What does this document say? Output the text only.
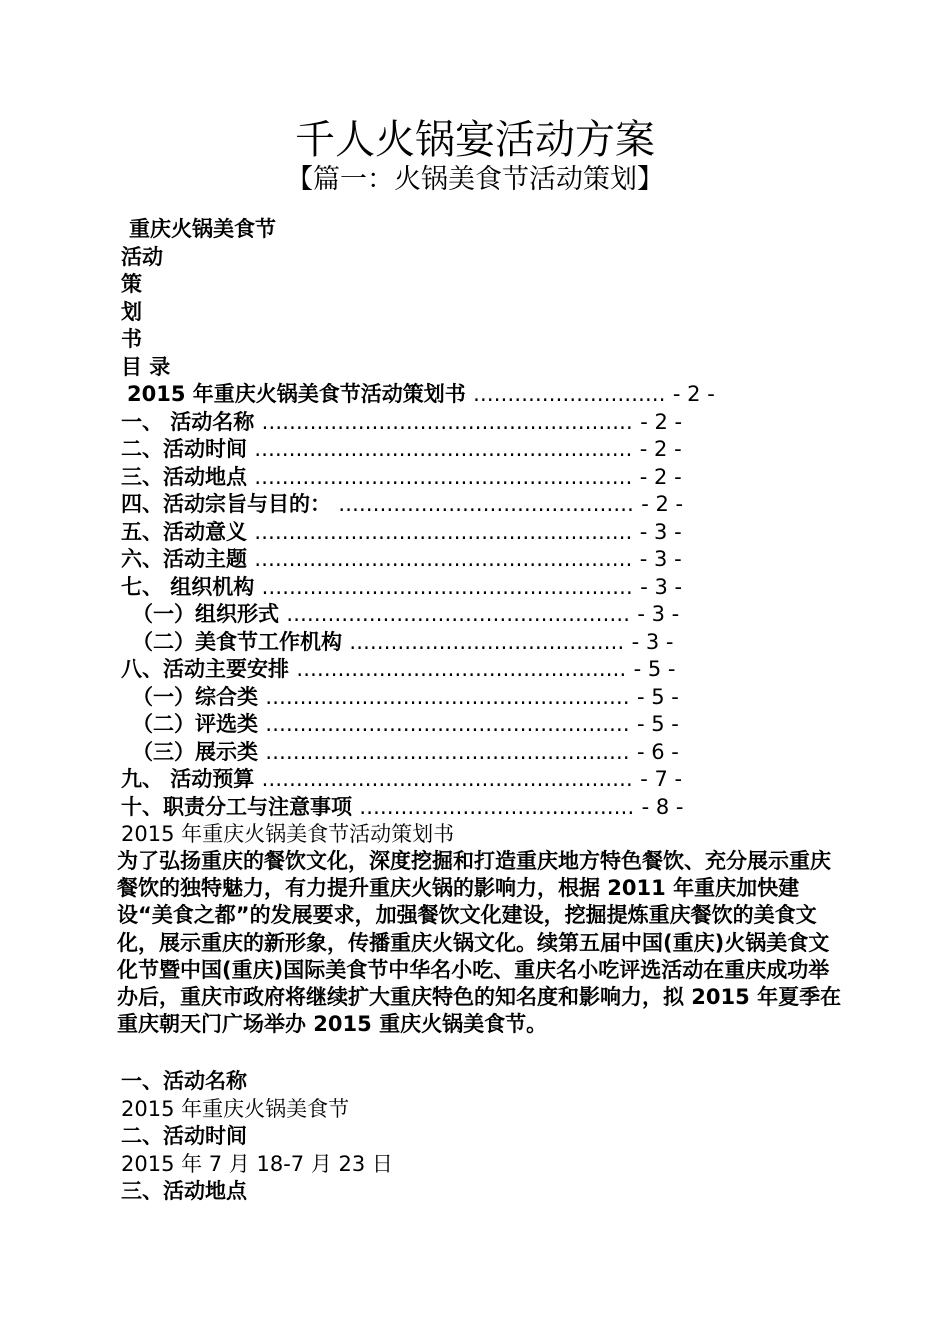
千人火锅宴活动方案
【篇一：火锅美食节活动策划】
重庆火锅美食节
活动
策
划
书
目 录
2015 年重庆火锅美食节活动策划书 ............................ - 2 -
一、 活动名称 ...................................................... - 2 -
二、活动时间 ....................................................... - 2 -
三、活动地点 ....................................................... - 2 -
四、活动宗旨与目的： ........................................... - 2 -
五、活动意义 ....................................................... - 3 -
六、活动主题 ....................................................... - 3 -
七、 组织机构 ...................................................... - 3 -
（一）组织形式 .................................................. - 3 -
（二）美食节工作机构 ........................................ - 3 -
八、活动主要安排 ................................................ - 5 -
（一）综合类 ..................................................... - 5 -
（二）评选类 ..................................................... - 5 -
（三）展示类 ..................................................... - 6 -
九、 活动预算 ...................................................... - 7 -
十、职责分工与注意事项 ........................................ - 8 -
2015 年重庆火锅美食节活动策划书

为了弘扬重庆的餐饮文化，深度挖掘和打造重庆地方特色餐饮、充分展示重庆餐饮的独特魅力，有力提升重庆火锅的影响力，根据 2011 年重庆加快建设“美食之都”的发展要求，加强餐饮文化建设，挖掘提炼重庆餐饮的美食文化，展示重庆的新形象，传播重庆火锅文化。续第五届中国(重庆)火锅美食文化节暨中国(重庆)国际美食节中华名小吃、重庆名小吃评选活动在重庆成功举办后，重庆市政府将继续扩大重庆特色的知名度和影响力，拟 2015 年夏季在重庆朝天门广场举办 2015 重庆火锅美食节。

一、活动名称
2015 年重庆火锅美食节
二、活动时间
2015 年 7 月 18-7 月 23 日
三、活动地点
